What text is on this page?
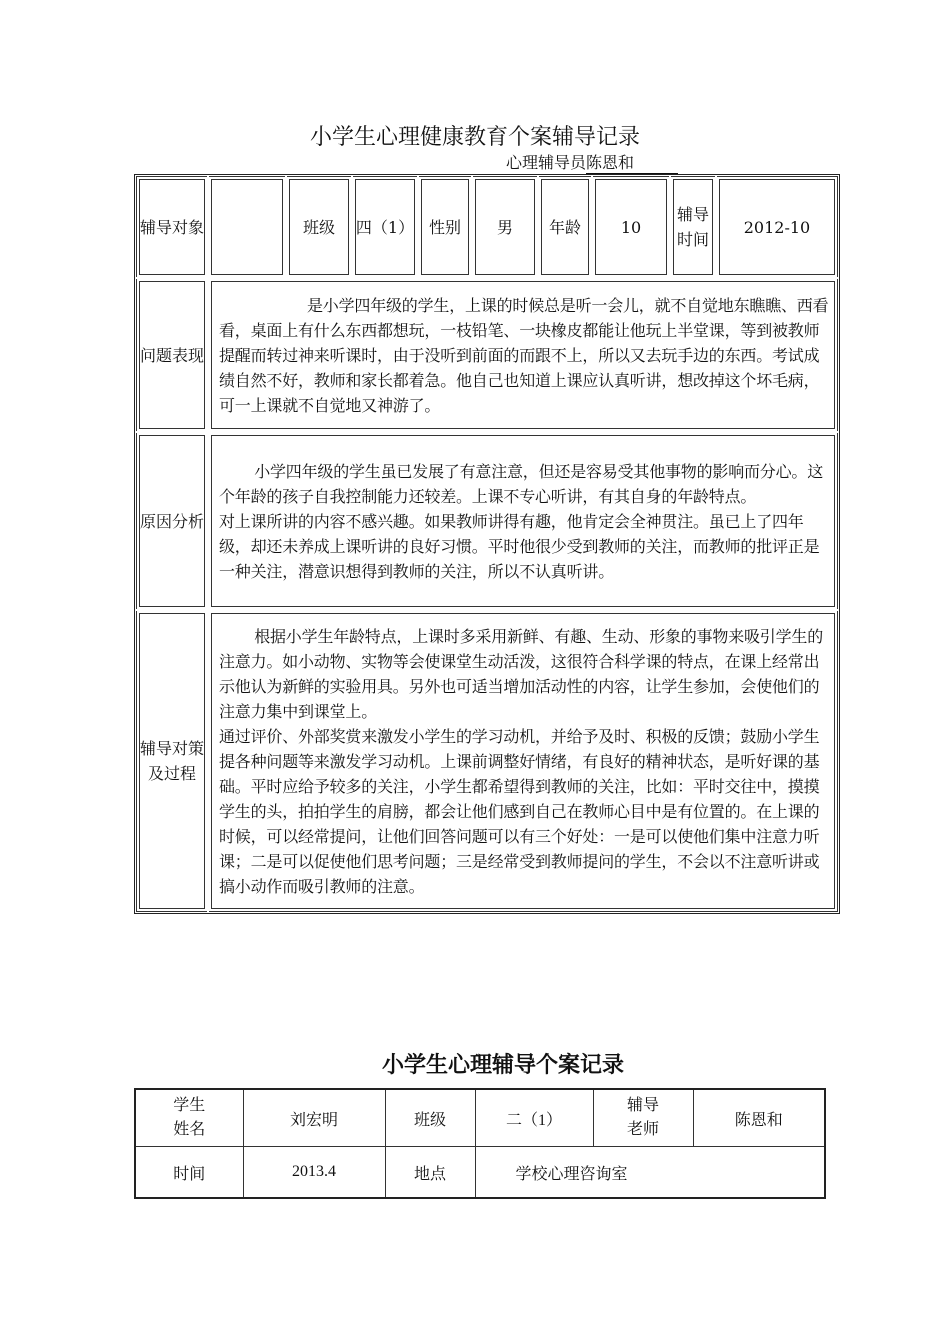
小学生心理健康教育个案辅导记录
心理辅导员陈恩和
辅导对象		班级	四（1）	性别	男	年龄	10	辅导时间	2012-10
问题表现	是小学四年级的学生，上课的时候总是听一会儿，就不自觉地东瞧瞧、西看看，桌面上有什么东西都想玩，一枝铅笔、一块橡皮都能让他玩上半堂课，等到被教师提醒而转过神来听课时，由于没听到前面的而跟不上，所以又去玩手边的东西。考试成绩自然不好，教师和家长都着急。他自己也知道上课应认真听讲，想改掉这个坏毛病，可一上课就不自觉地又神游了。								

原因分析	小学四年级的学生虽已发展了有意注意，但还是容易受其他事物的影响而分心。这个年龄的孩子自我控制能力还较差。上课不专心听讲，有其自身的年龄特点。

对上课所讲的内容不感兴趣。如果教师讲得有趣，他肯定会全神贯注。虽已上了四年级，却还未养成上课听讲的良好习惯。平时他很少受到教师的关注，而教师的批评正是一种关注，潜意识想得到教师的关注，所以不认真听讲。								

辅导对策及过程	根据小学生年龄特点，上课时多采用新鲜、有趣、生动、形象的事物来吸引学生的注意力。如小动物、实物等会使课堂生动活泼，这很符合科学课的特点，在课上经常出示他认为新鲜的实验用具。另外也可适当增加活动性的内容，让学生参加，会使他们的注意力集中到课堂上。

通过评价、外部奖赏来激发小学生的学习动机，并给予及时、积极的反馈；鼓励小学生提各种问题等来激发学习动机。上课前调整好情绪，有良好的精神状态，是听好课的基础。平时应给予较多的关注，小学生都希望得到教师的关注，比如：平时交往中，摸摸学生的头，拍拍学生的肩膀，都会让他们感到自己在教师心目中是有位置的。在上课的时候，可以经常提问，让他们回答问题可以有三个好处：一是可以使他们集中注意力听课；二是可以促使他们思考问题；三是经常受到教师提问的学生，不会以不注意听讲或搞小动作而吸引教师的注意。								

小学生心理辅导个案记录
学生姓名	刘宏明	班级	二（1）	辅导老师	陈恩和
时间	2013.4	地点	学校心理咨询室		
